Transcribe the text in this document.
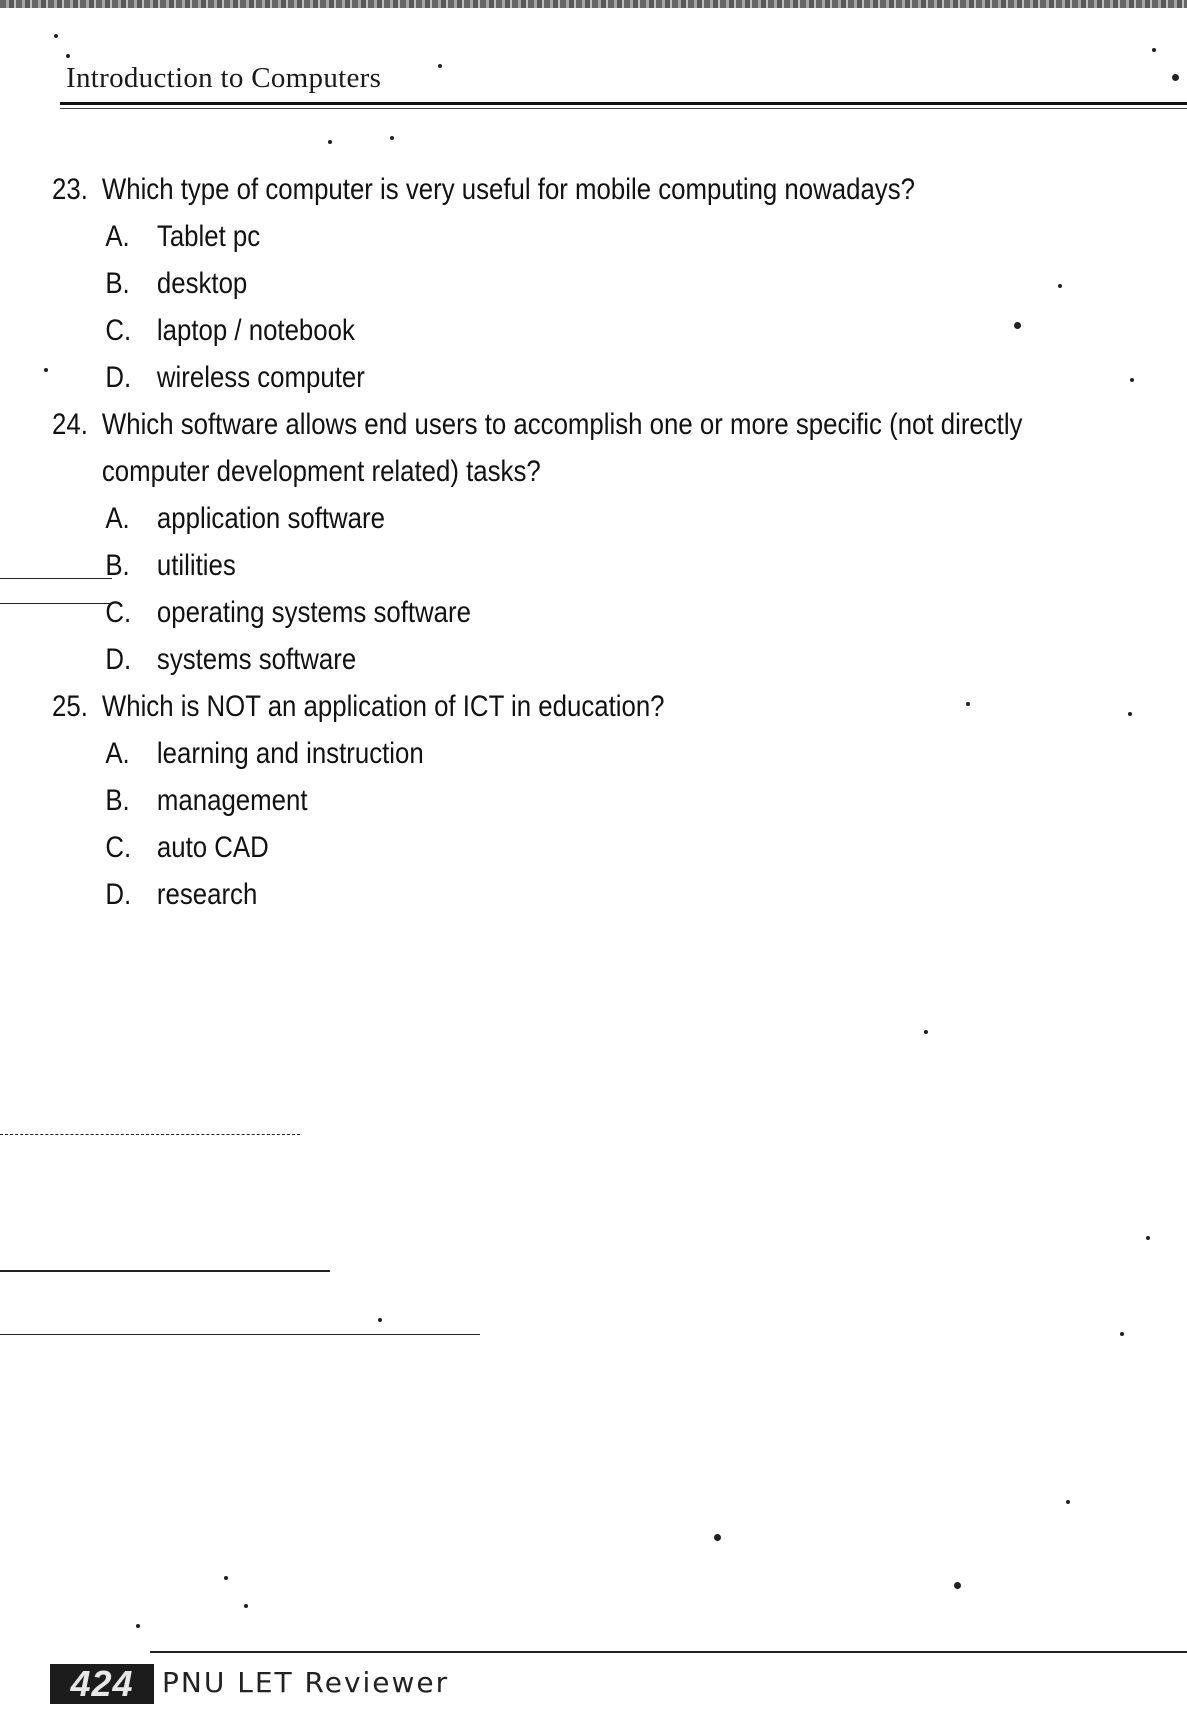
Introduction to Computers
23. Which type of computer is very useful for mobile computing nowadays?
A. Tablet pc
B. desktop
C. laptop / notebook
D. wireless computer
24. Which software allows end users to accomplish one or more specific (not directly computer development related) tasks?
A. application software
B. utilities
C. operating systems software
D. systems software
25. Which is NOT an application of ICT in education?
A. learning and instruction
B. management
C. auto CAD
D. research
424	PNU LET Reviewer
